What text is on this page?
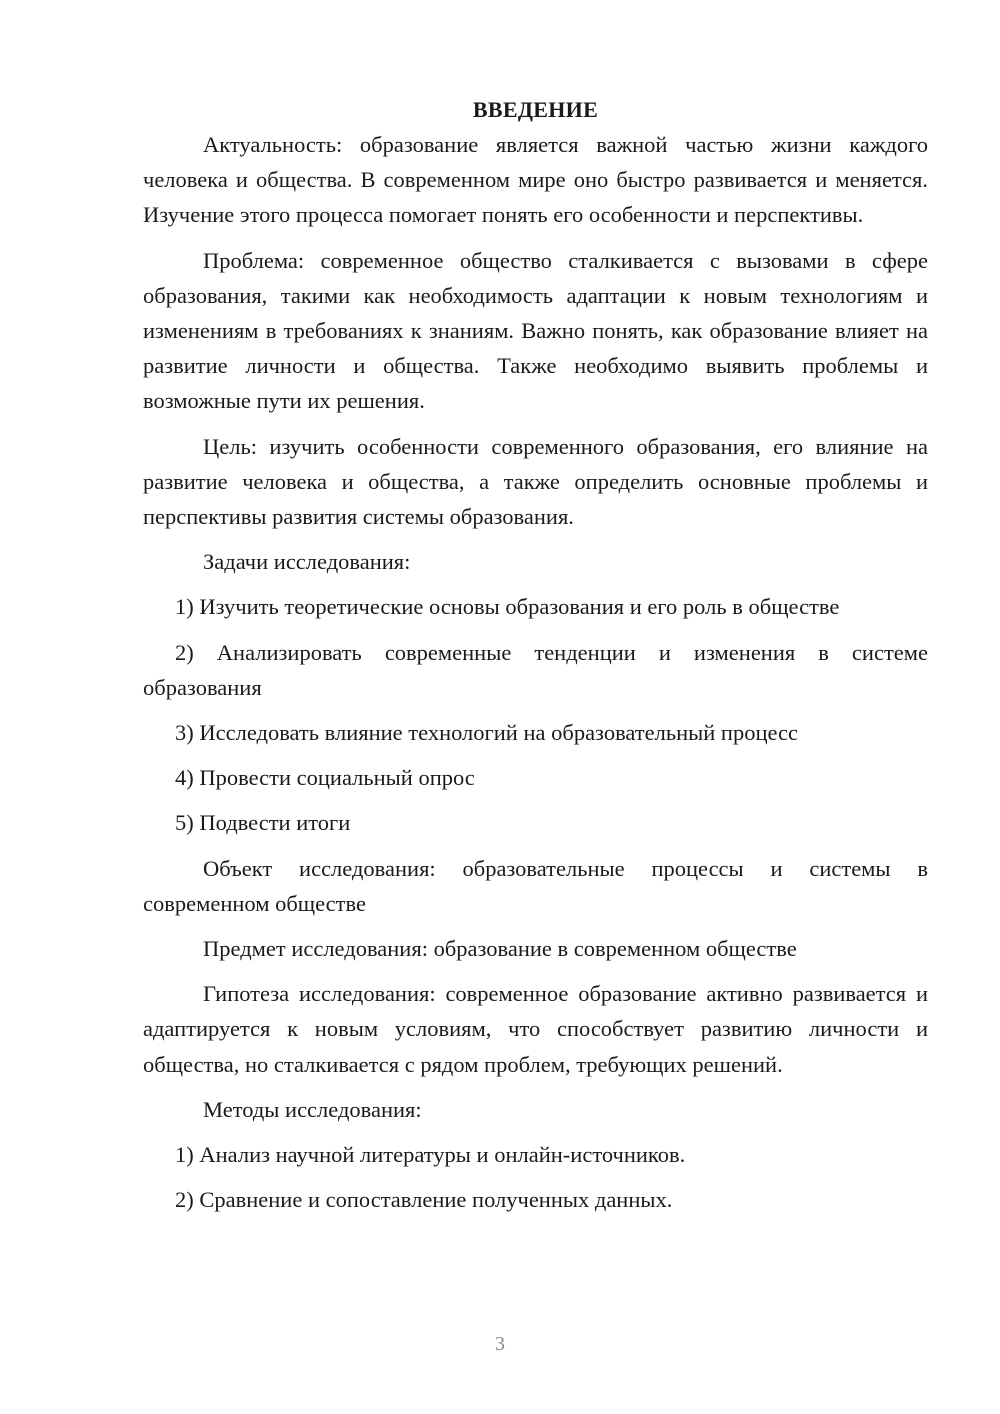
ВВЕДЕНИЕ

Актуальность: образование является важной частью жизни каждого человека и общества. В современном мире оно быстро развивается и меняется. Изучение этого процесса помогает понять его особенности и перспективы.

Проблема: современное общество сталкивается с вызовами в сфере образования, такими как необходимость адаптации к новым технологиям и изменениям в требованиях к знаниям. Важно понять, как образование влияет на развитие личности и общества. Также необходимо выявить проблемы и возможные пути их решения.

Цель: изучить особенности современного образования, его влияние на развитие человека и общества, а также определить основные проблемы и перспективы развития системы образования.

Задачи исследования:

1) Изучить теоретические основы образования и его роль в обществе

2) Анализировать современные тенденции и изменения в системе образования

3) Исследовать влияние технологий на образовательный процесс

4) Провести социальный опрос

5) Подвести итоги

Объект исследования: образовательные процессы и системы в современном обществе

Предмет исследования: образование в современном обществе

Гипотеза исследования: современное образование активно развивается и адаптируется к новым условиям, что способствует развитию личности и общества, но сталкивается с рядом проблем, требующих решений.

Методы исследования:

1) Анализ научной литературы и онлайн-источников.

2) Сравнение и сопоставление полученных данных.

3
